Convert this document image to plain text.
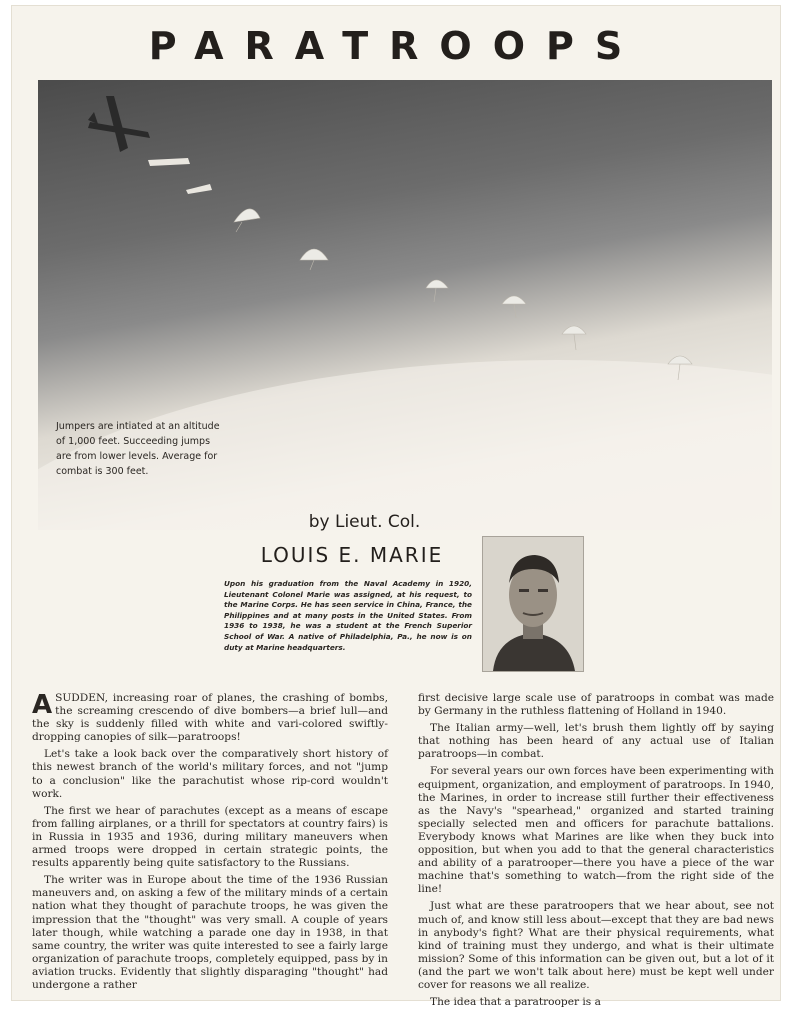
PARATROOPS

Jumpers are intiated at an altitude of 1,000 feet. Succeeding jumps are from lower levels. Average for combat is 300 feet.

by Lieut. Col.

LOUIS E. MARIE

Upon his graduation from the Naval Academy in 1920, Lieutenant Colonel Marie was assigned, at his request, to the Marine Corps. He has seen service in China, France, the Philippines and at many posts in the United States. From 1936 to 1938, he was a student at the French Superior School of War. A native of Philadelphia, Pa., he now is on duty at Marine headquarters.

ASUDDEN, increasing roar of planes, the crashing of bombs, the screaming crescendo of dive bombers—a brief lull—and the sky is suddenly filled with white and vari-colored swiftly-dropping canopies of silk—paratroops!

Let's take a look back over the comparatively short history of this newest branch of the world's military forces, and not "jump to a conclusion" like the parachutist whose rip-cord wouldn't work.

The first we hear of parachutes (except as a means of escape from falling airplanes, or a thrill for spectators at country fairs) is in Russia in 1935 and 1936, during military maneuvers when armed troops were dropped in certain strategic points, the results apparently being quite satisfactory to the Russians.

The writer was in Europe about the time of the 1936 Russian maneuvers and, on asking a few of the military minds of a certain nation what they thought of parachute troops, he was given the impression that the "thought" was very small. A couple of years later though, while watching a parade one day in 1938, in that same country, the writer was quite interested to see a fairly large organization of parachute troops, completely equipped, pass by in aviation trucks. Evidently that slightly disparaging "thought" had undergone a rather

first decisive large scale use of paratroops in combat was made by Germany in the ruthless flattening of Holland in 1940.

The Italian army—well, let's brush them lightly off by saying that nothing has been heard of any actual use of Italian paratroops—in combat.

For several years our own forces have been experimenting with equipment, organization, and employment of paratroops. In 1940, the Marines, in order to increase still further their effectiveness as the Navy's "spearhead," organized and started training specially selected men and officers for parachute battalions. Everybody knows what Marines are like when they buck into opposition, but when you add to that the general characteristics and ability of a paratrooper—there you have a piece of the war machine that's something to watch—from the right side of the line!

Just what are these paratroopers that we hear about, see not much of, and know still less about—except that they are bad news in anybody's fight? What are their physical requirements, what kind of training must they undergo, and what is their ultimate mission? Some of this information can be given out, but a lot of it (and the part we won't talk about here) must be kept well under cover for reasons we all realize.

The idea that a paratrooper is a
